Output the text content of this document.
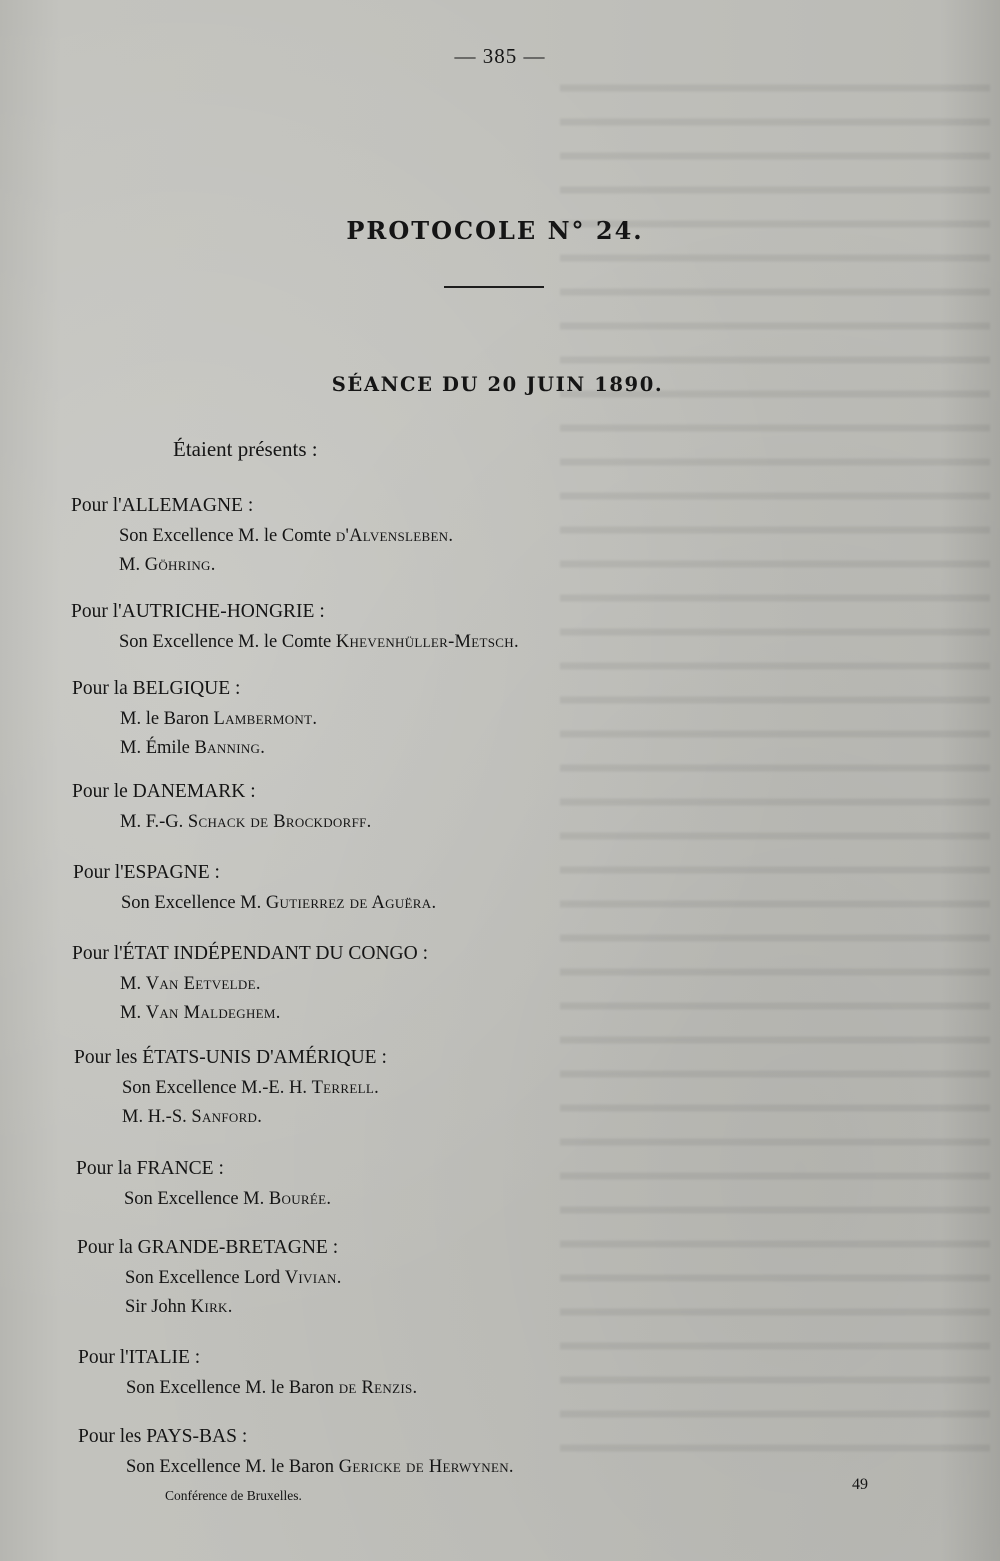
— 385 —
PROTOCOLE N° 24.
SÉANCE DU 20 JUIN 1890.
Étaient présents :
Pour l'ALLEMAGNE :
Son Excellence M. le Comte d'Alvensleben.
M. Göhring.
Pour l'AUTRICHE-HONGRIE :
Son Excellence M. le Comte Khevenhüller-Metsch.
Pour la BELGIQUE :
M. le Baron Lambermont.
M. Émile Banning.
Pour le DANEMARK :
M. F.-G. Schack de Brockdorff.
Pour l'ESPAGNE :
Son Excellence M. Gutierrez de Aguëra.
Pour l'ÉTAT INDÉPENDANT DU CONGO :
M. Van Eetvelde.
M. Van Maldeghem.
Pour les ÉTATS-UNIS D'AMÉRIQUE :
Son Excellence M.-E. H. Terrell.
M. H.-S. Sanford.
Pour la FRANCE :
Son Excellence M. Bourée.
Pour la GRANDE-BRETAGNE :
Son Excellence Lord Vivian.
Sir John Kirk.
Pour l'ITALIE :
Son Excellence M. le Baron de Renzis.
Pour les PAYS-BAS :
Son Excellence M. le Baron Gericke de Herwynen.
Conférence de Bruxelles.
49
